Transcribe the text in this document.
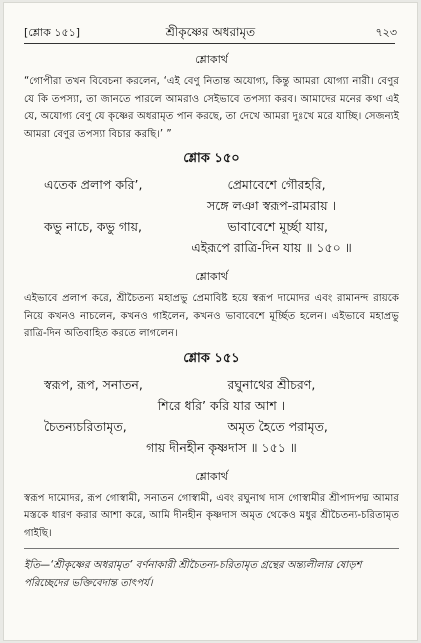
[শ্লোক ১৫১]	শ্রীকৃষ্ণের অধরামৃত	৭২৩
শ্লোকার্থ
“গোপীরা তখন বিবেচনা করলেন, ‘এই বেণু নিতান্ত অযোগ্য, কিন্তু আমরা যোগ্যা নারী। বেণুর যে কি তপস্যা, তা জানতে পারলে আমরাও সেইভাবে তপস্যা করব। আমাদের মনের কথা এই যে, অযোগ্য বেণু যে কৃষ্ণের অধরামৃত পান করছে, তা দেখে আমরা দুঃখে মরে যাচ্ছি। সেজন্যই আমরা বেণুর তপস্যা বিচার করছি।’ ”
শ্লোক ১৫০
এতেক প্রলাপ করি’,	প্রেমাবেশে গৌরহরি,
সঙ্গে লঞা স্বরূপ-রামরায় ।
কভু নাচে, কভু গায়,	ভাবাবেশে মূর্চ্ছা যায়,
এইরূপে রাত্রি-দিন যায় ॥ ১৫০ ॥
শ্লোকার্থ
এইভাবে প্রলাপ করে, শ্রীচৈতন্য মহাপ্রভু প্রেমাবিষ্ট হয়ে স্বরূপ দামোদর এবং রামানন্দ রায়কে নিয়ে কখনও নাচলেন, কখনও গাইলেন, কখনও ভাবাবেশে মূর্চ্ছিত হলেন। এইভাবে মহাপ্রভু রাত্রি-দিন অতিবাহিত করতে লাগলেন।
শ্লোক ১৫১
স্বরূপ, রূপ, সনাতন,	রঘুনাথের শ্রীচরণ,
শিরে ধরি’ করি যার আশ ।
চৈতন্যচরিতামৃত,	অমৃত হৈতে পরামৃত,
গায় দীনহীন কৃষ্ণদাস ॥ ১৫১ ॥
শ্লোকার্থ
স্বরূপ দামোদর, রূপ গোস্বামী, সনাতন গোস্বামী, এবং রঘুনাথ দাস গোস্বামীর শ্রীপাদপদ্ম আমার মস্তকে ধারণ করার আশা করে, আমি দীনহীন কৃষ্ণদাস অমৃত থেকেও মধুর শ্রীচৈতন্য-চরিতামৃত গাইছি।
ইতি—‘শ্রীকৃষ্ণের অধরামৃত’ বর্ণনাকারী শ্রীচৈতন্য-চরিতামৃত গ্রন্থের অন্ত্যলীলার ষোড়শ পরিচ্ছেদের ভক্তিবেদান্ত তাৎপর্য।
